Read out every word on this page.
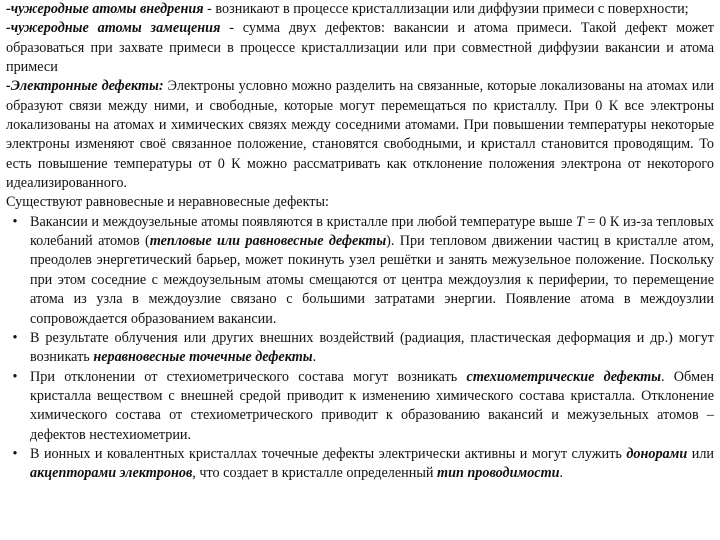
-чужеродные атомы внедрения - возникают в процессе кристаллизации или диффузии примеси с поверхности;

-чужеродные атомы замещения - сумма двух дефектов: вакансии и атома примеси. Такой дефект может образоваться при захвате примеси в процессе кристаллизации или при совместной диффузии вакансии и атома примеси

-Электронные дефекты: Электроны условно можно разделить на связанные, которые локализованы на атомах или образуют связи между ними, и свободные, которые могут перемещаться по кристаллу. При 0 К все электроны локализованы на атомах и химических связях между соседними атомами. При повышении температуры некоторые электроны изменяют своё связанное положение, становятся свободными, и кристалл становится проводящим. То есть повышение температуры от 0 К можно рассматривать как отклонение положения электрона от некоторого идеализированного.

Существуют равновесные и неравновесные дефекты:

• Вакансии и междоузельные атомы появляются в кристалле при любой температуре выше T = 0 К из-за тепловых колебаний атомов (тепловые или равновесные дефекты). При тепловом движении частиц в кристалле атом, преодолев энергетический барьер, может покинуть узел решётки и занять межузельное положение. Поскольку при этом соседние с междоузельным атомы смещаются от центра междоузлия к периферии, то перемещение атома из узла в междоузлие связано с большими затратами энергии. Появление атома в междоузлии сопровождается образованием вакансии.
• В результате облучения или других внешних воздействий (радиация, пластическая деформация и др.) могут возникать неравновесные точечные дефекты.
• При отклонении от стехиометрического состава могут возникать стехиометрические дефекты. Обмен кристалла веществом с внешней средой приводит к изменению химического состава кристалла. Отклонение химического состава от стехиометрического приводит к образованию вакансий и межузельных атомов – дефектов нестехиометрии.
• В ионных и ковалентных кристаллах точечные дефекты электрически активны и могут служить донорами или акцепторами электронов, что создает в кристалле определенный тип проводимости.
